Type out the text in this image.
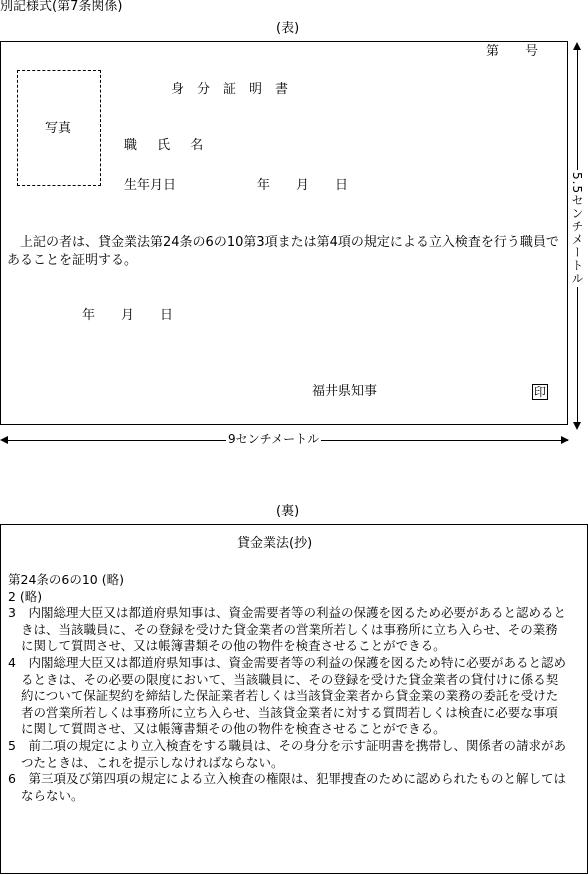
別記様式(第7条関係)
(表)
第　　号
写真
身　分　証　明　書
職 氏 名
生年月日	年　　月　　日
　上記の者は、貸金業法第24条の6の10第3項または第4項の規定による立入検査を行う職員であることを証明する。
年　　月　　日
福井県知事	印
5.5センチメートル
9センチメートル
(裏)
貸金業法(抄)
第24条の6の10 (略)
2 (略)
3　内閣総理大臣又は都道府県知事は、資金需要者等の利益の保護を図るため必要があると認めるときは、当該職員に、その登録を受けた貸金業者の営業所若しくは事務所に立ち入らせ、その業務に関して質問させ、又は帳簿書類その他の物件を検査させることができる。
4　内閣総理大臣又は都道府県知事は、資金需要者等の利益の保護を図るため特に必要があると認めるときは、その必要の限度において、当該職員に、その登録を受けた貸金業者の貸付けに係る契約について保証契約を締結した保証業者若しくは当該貸金業者から貸金業の業務の委託を受けた者の営業所若しくは事務所に立ち入らせ、当該貸金業者に対する質問若しくは検査に必要な事項に関して質問させ、又は帳簿書類その他の物件を検査させることができる。
5　前二項の規定により立入検査をする職員は、その身分を示す証明書を携帯し、関係者の請求があつたときは、これを提示しなければならない。
6　第三項及び第四項の規定による立入検査の権限は、犯罪捜査のために認められたものと解してはならない。
